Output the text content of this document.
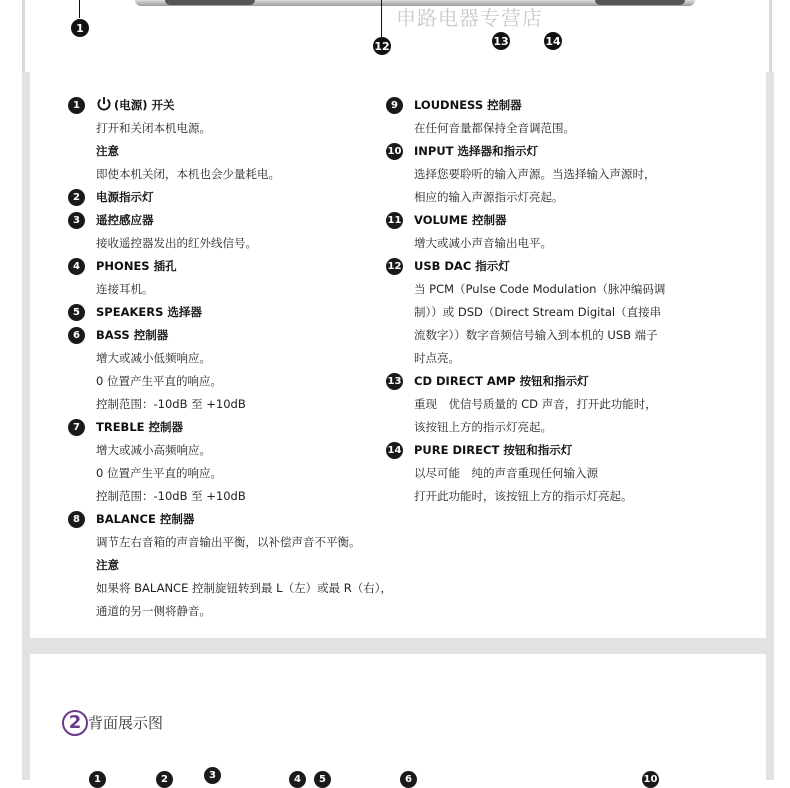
1
12	13	14
申路电器专营店
1	(电源) 开关
打开和关闭本机电源。
注意
即使本机关闭，本机也会少量耗电。
2	电源指示灯
3	遥控感应器
接收遥控器发出的红外线信号。
4	PHONES 插孔
连接耳机。
5	SPEAKERS 选择器
6	BASS 控制器
增大或减小低频响应。
0 位置产生平直的响应。
控制范围：-10dB 至 +10dB
7	TREBLE 控制器
增大或减小高频响应。
0 位置产生平直的响应。
控制范围：-10dB 至 +10dB
8	BALANCE 控制器
调节左右音箱的声音输出平衡，以补偿声音不平衡。
注意
如果将 BALANCE 控制旋钮转到最 L（左）或最 R（右），
通道的另一侧将静音。
9	LOUDNESS 控制器
在任何音量都保持全音调范围。
10 INPUT 选择器和指示灯
选择您要聆听的输入声源。当选择输入声源时，
相应的输入声源指示灯亮起。
11 VOLUME 控制器
增大或减小声音输出电平。
12 USB DAC 指示灯
当 PCM（Pulse Code Modulation（脉冲编码调
制））或 DSD（Direct Stream Digital（直接串
流数字））数字音频信号输入到本机的 USB 端子
时点亮。
13 CD DIRECT AMP 按钮和指示灯
重现　优信号质量的 CD 声音，打开此功能时，
该按钮上方的指示灯亮起。
14 PURE DIRECT 按钮和指示灯
以尽可能　纯的声音重现任何输入源
打开此功能时，该按钮上方的指示灯亮起。
2 背面展示图
1	2	3	4	5	6	10
